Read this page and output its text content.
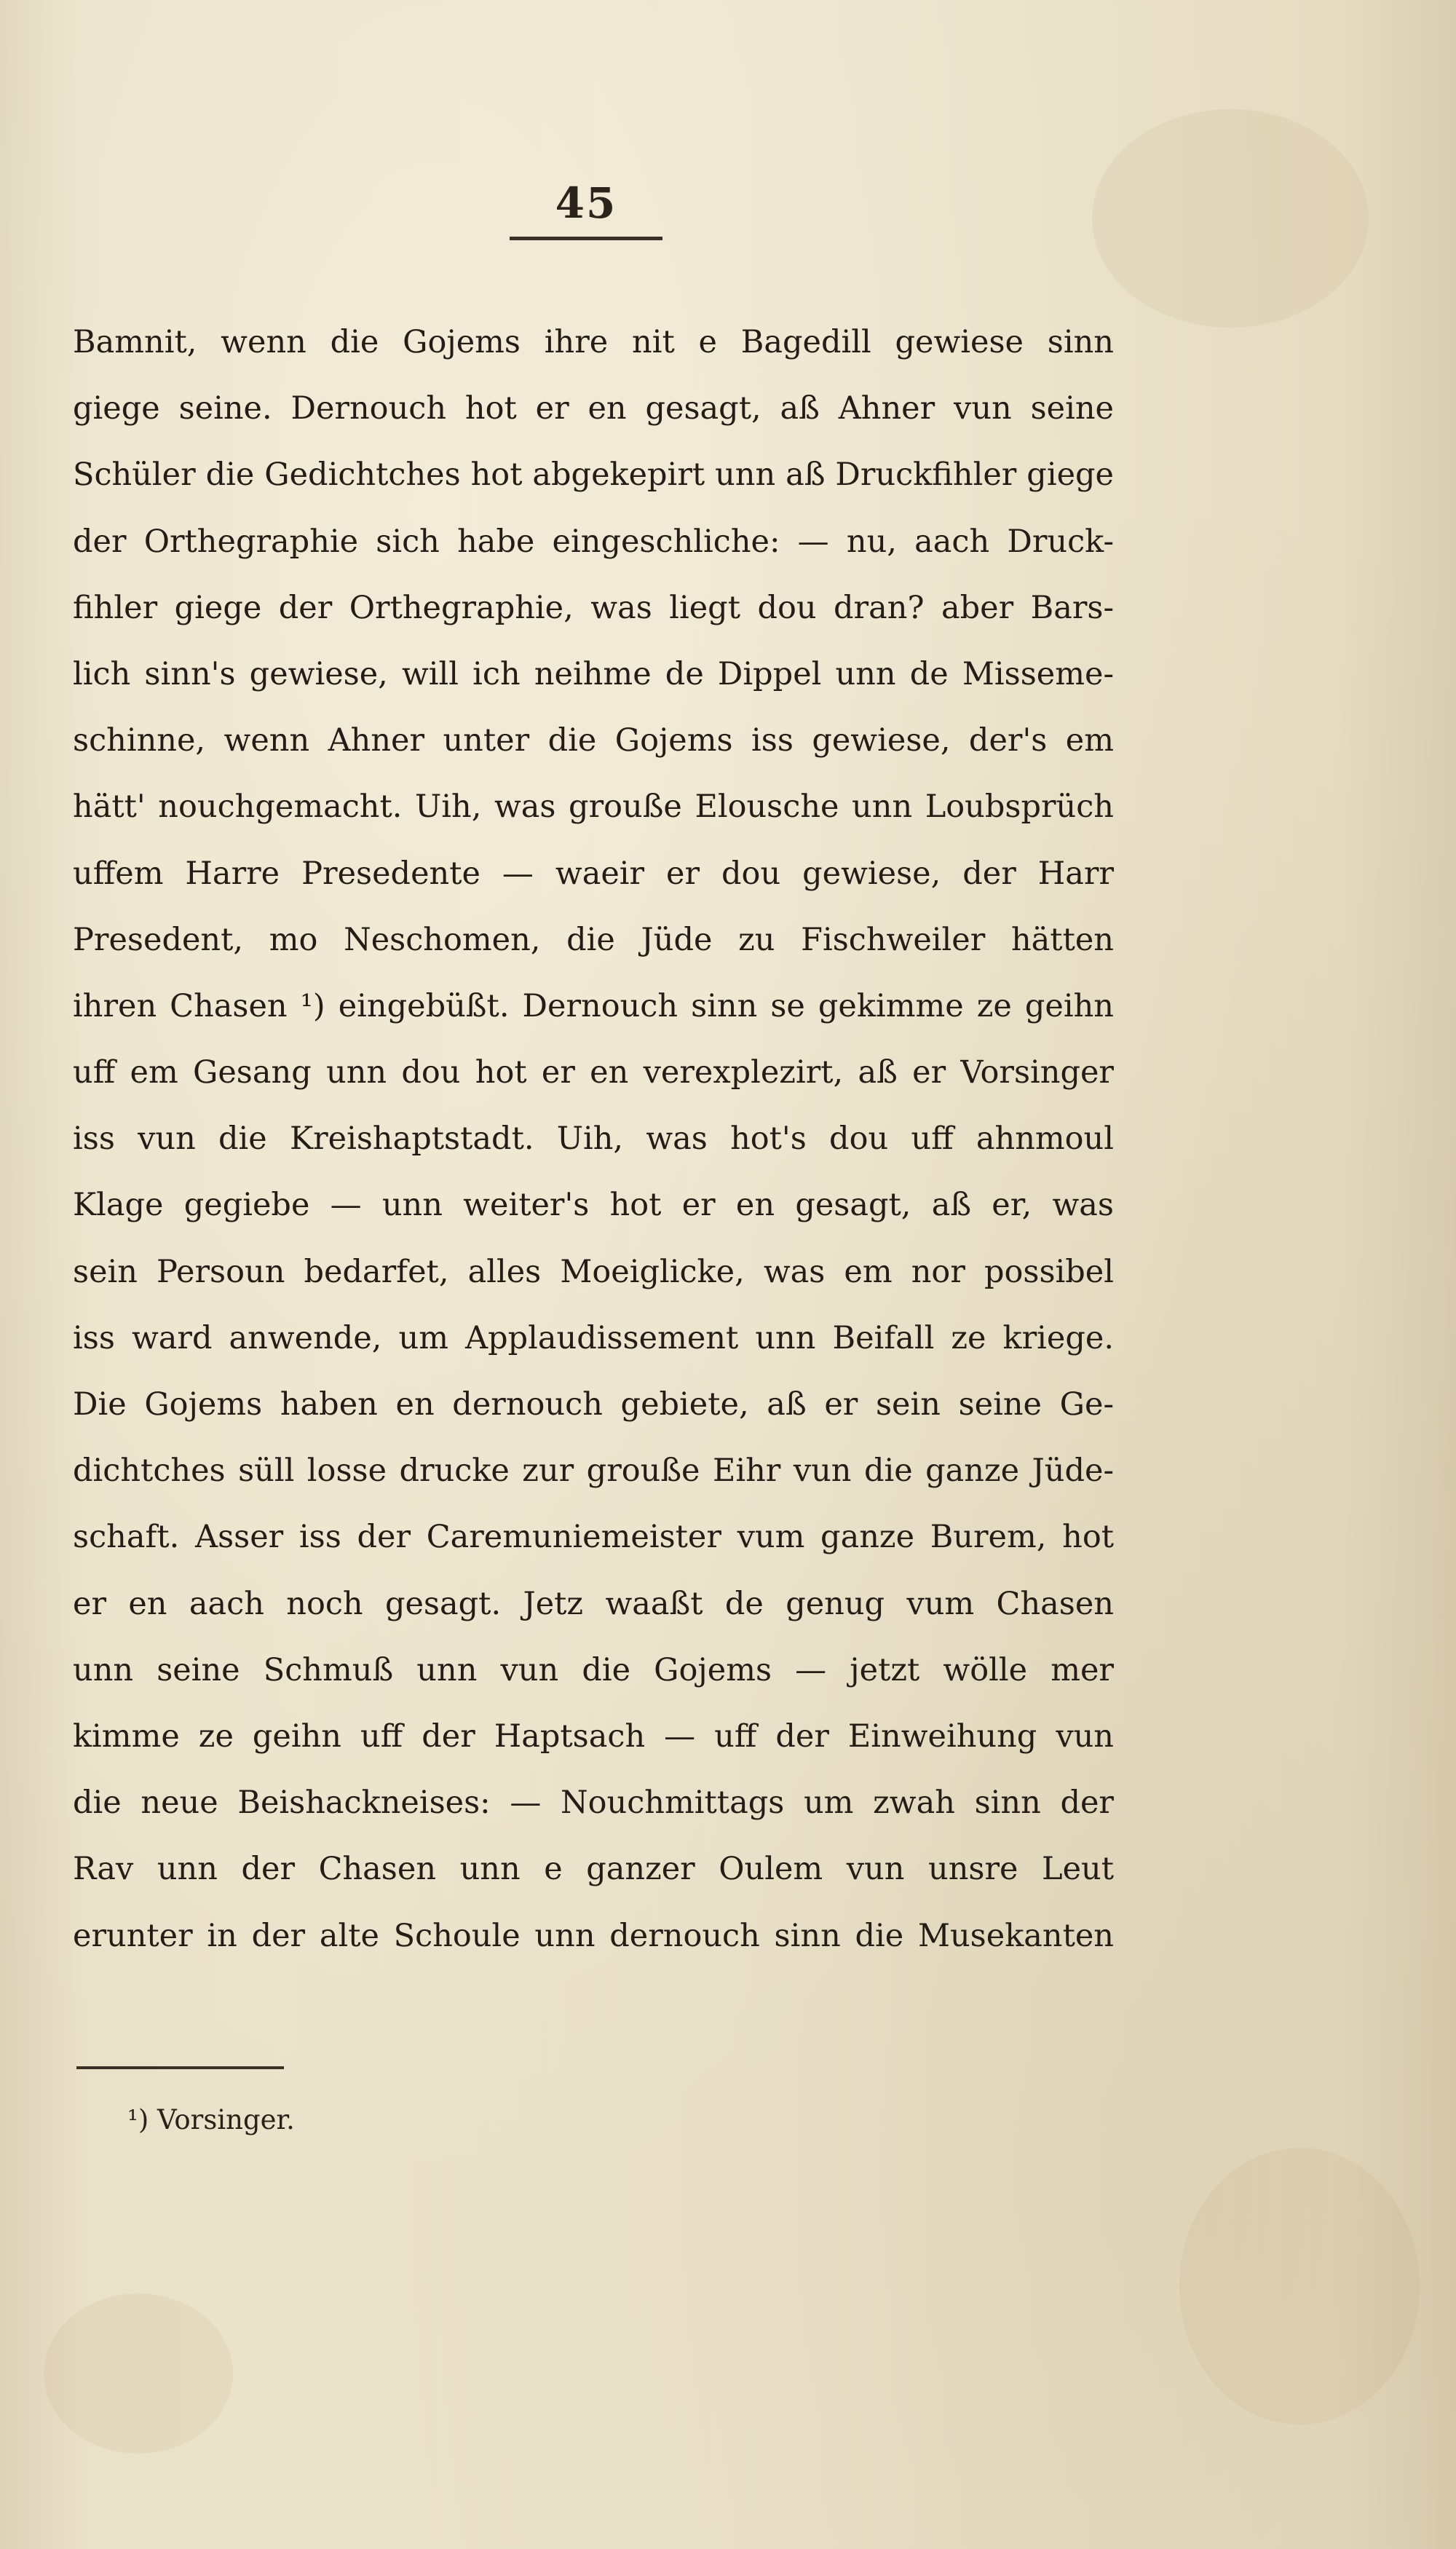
45
Bamnit, wenn die Gojems ihre nit e Bagedill gewiese sinn
giege seine. Dernouch hot er en gesagt, aß Ahner vun seine
Schüler die Gedichtches hot abgekepirt unn aß Druckfihler giege
der Orthegraphie sich habe eingeschliche: — nu, aach Druck-
fihler giege der Orthegraphie, was liegt dou dran? aber Bars-
lich sinn's gewiese, will ich neihme de Dippel unn de Misseme-
schinne, wenn Ahner unter die Gojems iss gewiese, der's em
hätt' nouchgemacht. Uih, was grouße Elousche unn Loubsprüch
uffem Harre Presedente — waeir er dou gewiese, der Harr
Presedent, mo Neschomen, die Jüde zu Fischweiler hätten
ihren Chasen ¹) eingebüßt. Dernouch sinn se gekimme ze geihn
uff em Gesang unn dou hot er en verexplezirt, aß er Vorsinger
iss vun die Kreishaptstadt. Uih, was hot's dou uff ahnmoul
Klage gegiebe — unn weiter's hot er en gesagt, aß er, was
sein Persoun bedarfet, alles Moeiglicke, was em nor possibel
iss ward anwende, um Applaudissement unn Beifall ze kriege.
Die Gojems haben en dernouch gebiete, aß er sein seine Ge-
dichtches süll losse drucke zur grouße Eihr vun die ganze Jüde-
schaft. Asser iss der Caremuniemeister vum ganze Burem, hot
er en aach noch gesagt. Jetz waaßt de genug vum Chasen
unn seine Schmuß unn vun die Gojems — jetzt wölle mer
kimme ze geihn uff der Haptsach — uff der Einweihung vun
die neue Beishackneises: — Nouchmittags um zwah sinn der
Rav unn der Chasen unn e ganzer Oulem vun unsre Leut
erunter in der alte Schoule unn dernouch sinn die Musekanten
¹) Vorsinger.
